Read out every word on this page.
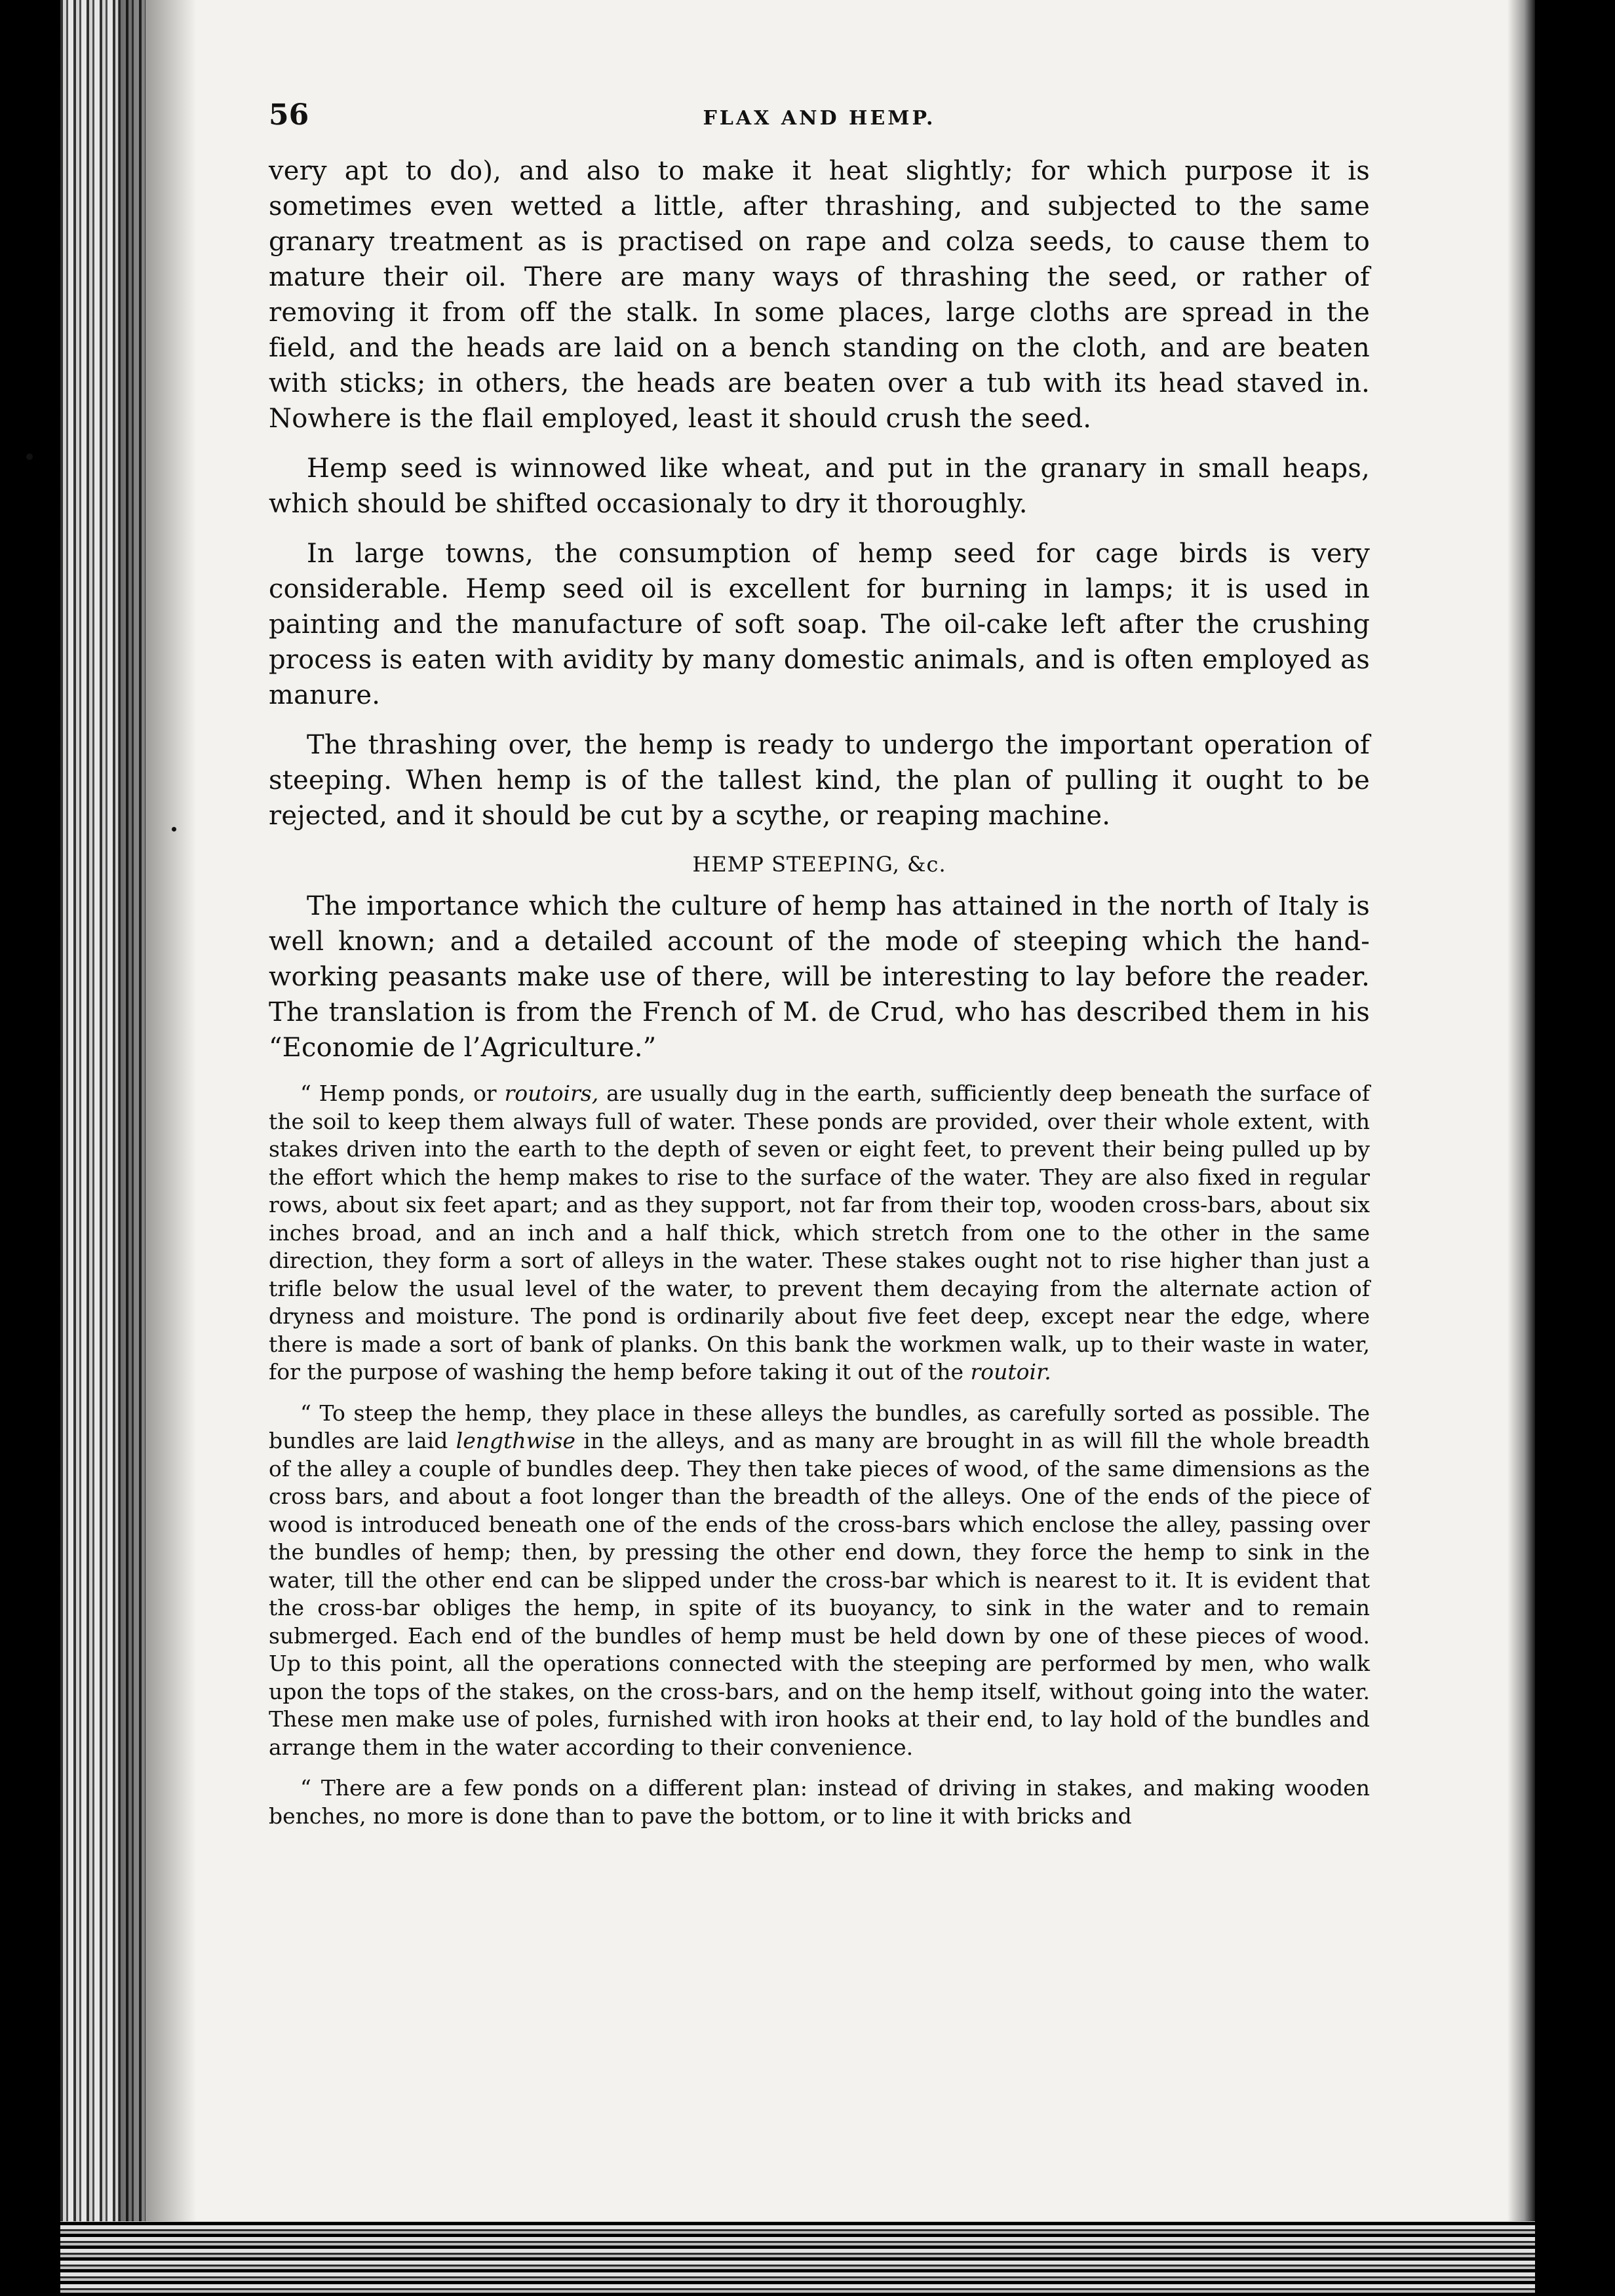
56	FLAX AND HEMP.

very apt to do), and also to make it heat slightly; for which purpose it is sometimes even wetted a little, after thrashing, and subjected to the same granary treatment as is practised on rape and colza seeds, to cause them to mature their oil. There are many ways of thrashing the seed, or rather of removing it from off the stalk. In some places, large cloths are spread in the field, and the heads are laid on a bench standing on the cloth, and are beaten with sticks; in others, the heads are beaten over a tub with its head staved in. Nowhere is the flail employed, least it should crush the seed.

Hemp seed is winnowed like wheat, and put in the granary in small heaps, which should be shifted occasionaly to dry it thoroughly.

In large towns, the consumption of hemp seed for cage birds is very considerable. Hemp seed oil is excellent for burning in lamps; it is used in painting and the manufacture of soft soap. The oil-cake left after the crushing process is eaten with avidity by many domestic animals, and is often employed as manure.

The thrashing over, the hemp is ready to undergo the important operation of steeping. When hemp is of the tallest kind, the plan of pulling it ought to be rejected, and it should be cut by a scythe, or reaping machine.

HEMP STEEPING, &c.

The importance which the culture of hemp has attained in the north of Italy is well known; and a detailed account of the mode of steeping which the hand-working peasants make use of there, will be interesting to lay before the reader. The translation is from the French of M. de Crud, who has described them in his “Economie de l’Agriculture.”

“ Hemp ponds, or routoirs, are usually dug in the earth, sufficiently deep beneath the surface of the soil to keep them always full of water. These ponds are provided, over their whole extent, with stakes driven into the earth to the depth of seven or eight feet, to prevent their being pulled up by the effort which the hemp makes to rise to the surface of the water. They are also fixed in regular rows, about six feet apart; and as they support, not far from their top, wooden cross-bars, about six inches broad, and an inch and a half thick, which stretch from one to the other in the same direction, they form a sort of alleys in the water. These stakes ought not to rise higher than just a trifle below the usual level of the water, to prevent them decaying from the alternate action of dryness and moisture. The pond is ordinarily about five feet deep, except near the edge, where there is made a sort of bank of planks. On this bank the workmen walk, up to their waste in water, for the purpose of washing the hemp before taking it out of the routoir.

“ To steep the hemp, they place in these alleys the bundles, as carefully sorted as possible. The bundles are laid lengthwise in the alleys, and as many are brought in as will fill the whole breadth of the alley a couple of bundles deep. They then take pieces of wood, of the same dimensions as the cross bars, and about a foot longer than the breadth of the alleys. One of the ends of the piece of wood is introduced beneath one of the ends of the cross-bars which enclose the alley, passing over the bundles of hemp; then, by pressing the other end down, they force the hemp to sink in the water, till the other end can be slipped under the cross-bar which is nearest to it. It is evident that the cross-bar obliges the hemp, in spite of its buoyancy, to sink in the water and to remain submerged. Each end of the bundles of hemp must be held down by one of these pieces of wood. Up to this point, all the operations connected with the steeping are performed by men, who walk upon the tops of the stakes, on the cross-bars, and on the hemp itself, without going into the water. These men make use of poles, furnished with iron hooks at their end, to lay hold of the bundles and arrange them in the water according to their convenience.

“ There are a few ponds on a different plan: instead of driving in stakes, and making wooden benches, no more is done than to pave the bottom, or to line it with bricks and
